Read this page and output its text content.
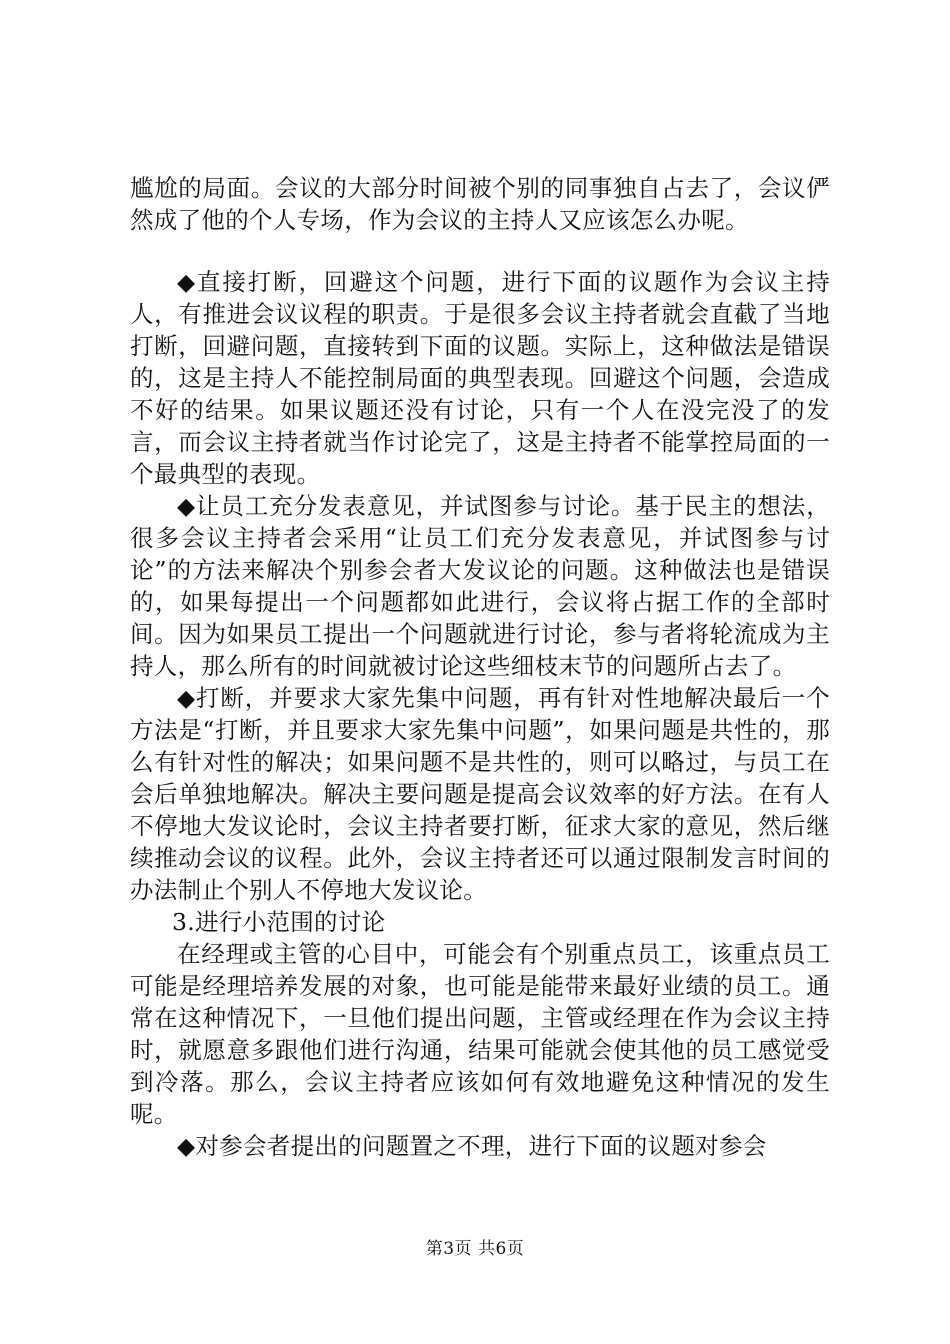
尴尬的局面。会议的大部分时间被个别的同事独自占去了，会议俨然成了他的个人专场，作为会议的主持人又应该怎么办呢。

◆直接打断，回避这个问题，进行下面的议题作为会议主持人，有推进会议议程的职责。于是很多会议主持者就会直截了当地打断，回避问题，直接转到下面的议题。实际上，这种做法是错误的，这是主持人不能控制局面的典型表现。回避这个问题，会造成不好的结果。如果议题还没有讨论，只有一个人在没完没了的发言，而会议主持者就当作讨论完了，这是主持者不能掌控局面的一个最典型的表现。

◆让员工充分发表意见，并试图参与讨论。基于民主的想法，很多会议主持者会采用“让员工们充分发表意见，并试图参与讨论”的方法来解决个别参会者大发议论的问题。这种做法也是错误的，如果每提出一个问题都如此进行，会议将占据工作的全部时间。因为如果员工提出一个问题就进行讨论，参与者将轮流成为主持人，那么所有的时间就被讨论这些细枝末节的问题所占去了。

◆打断，并要求大家先集中问题，再有针对性地解决最后一个方法是“打断，并且要求大家先集中问题”，如果问题是共性的，那么有针对性的解决；如果问题不是共性的，则可以略过，与员工在会后单独地解决。解决主要问题是提高会议效率的好方法。在有人不停地大发议论时，会议主持者要打断，征求大家的意见，然后继续推动会议的议程。此外，会议主持者还可以通过限制发言时间的办法制止个别人不停地大发议论。

3.进行小范围的讨论

在经理或主管的心目中，可能会有个别重点员工，该重点员工可能是经理培养发展的对象，也可能是能带来最好业绩的员工。通常在这种情况下，一旦他们提出问题，主管或经理在作为会议主持时，就愿意多跟他们进行沟通，结果可能就会使其他的员工感觉受到冷落。那么，会议主持者应该如何有效地避免这种情况的发生呢。

◆对参会者提出的问题置之不理，进行下面的议题对参会

第3页 共6页
